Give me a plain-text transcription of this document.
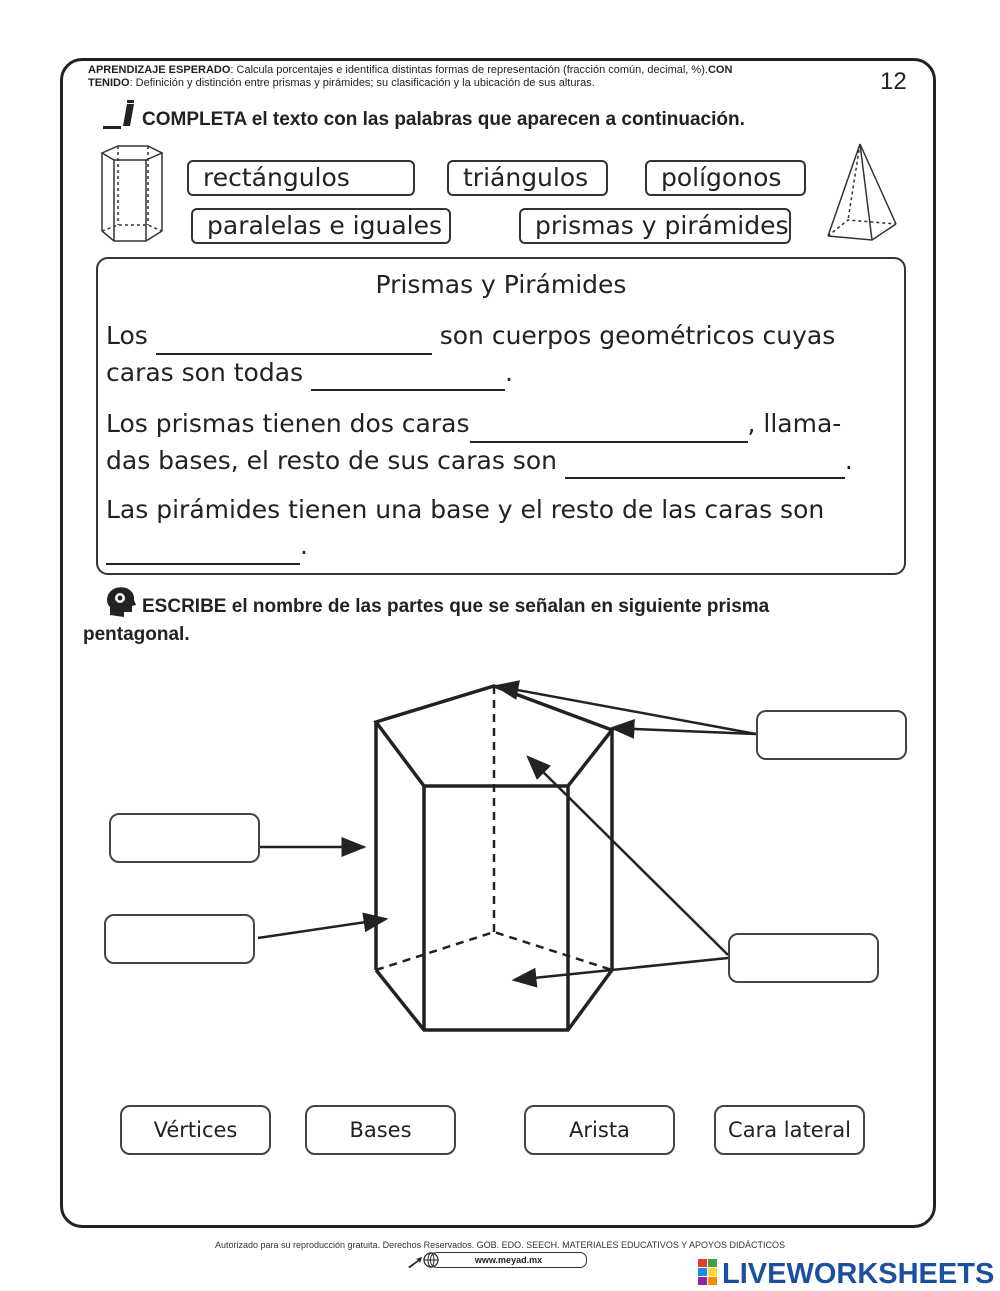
APRENDIZAJE ESPERADO: Calcula porcentajes e identifica distintas formas de representación (fracción común, decimal, %).CON
TENIDO: Definición y distinción entre prismas y pirámides; su clasificación y la ubicación de sus alturas.	12
COMPLETA el texto con las palabras que aparecen a continuación.
rectángulos	triángulos	polígonos
paralelas e iguales	prismas y pirámides
Prismas y Pirámides
Los	son cuerpos geométricos cuyas
caras son todas	.
Los prismas tienen dos caras	, llama-
das bases, el resto de sus caras son	.
Las pirámides tienen una base y el resto de las caras son
.
ESCRIBE el nombre de las partes que se señalan en siguiente prisma
pentagonal.
Vértices	Bases	Arista	Cara lateral
Autorizado para su reproducción gratuita. Derechos Reservados. GOB. EDO. SEECH. MATERIALES EDUCATIVOS Y APOYOS DIDÁCTICOS
www.meyad.mx	LIVEWORKSHEETS
